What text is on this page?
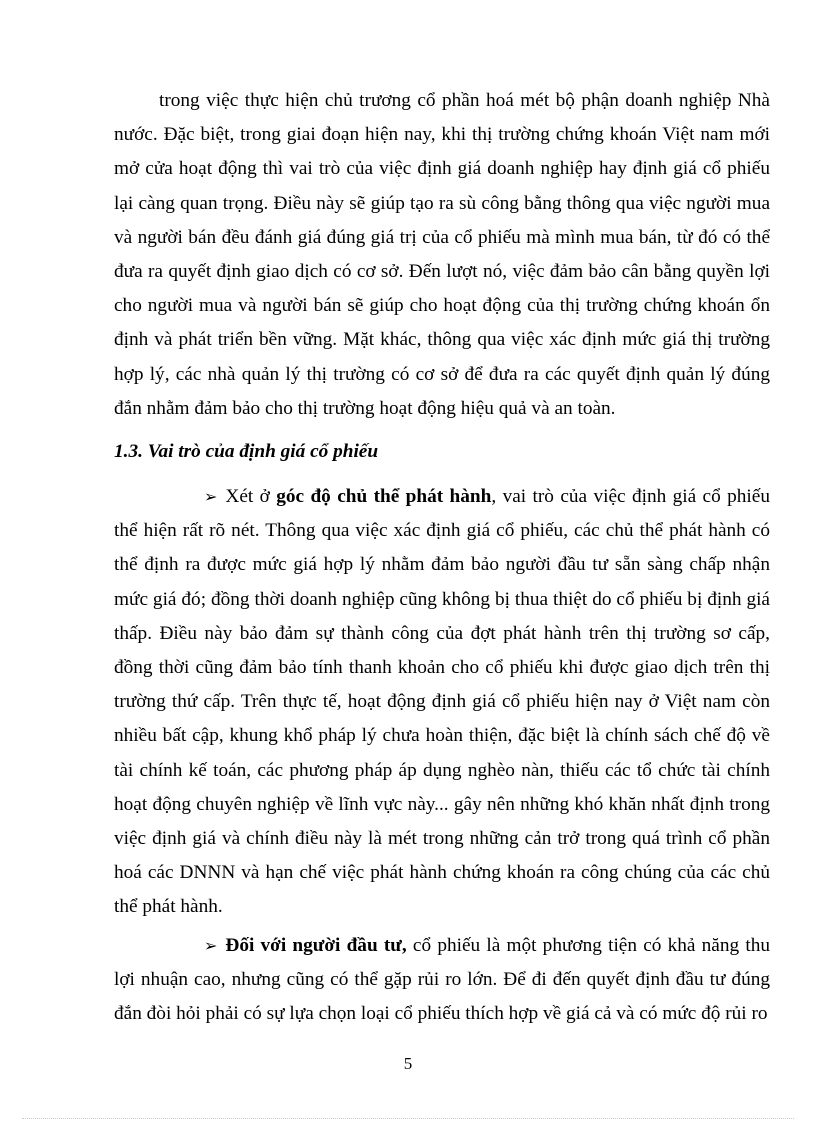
trong việc thực hiện chủ trương cổ phần hoá mét bộ phận doanh nghiệp Nhà nước. Đặc biệt, trong giai đoạn hiện nay, khi thị trường chứng khoán Việt nam mới mở cửa hoạt động thì vai trò của việc định giá doanh nghiệp hay định giá cổ phiếu lại càng quan trọng. Điều này sẽ giúp tạo ra sù công bằng thông qua việc người mua và người bán đều đánh giá đúng giá trị của cổ phiếu mà mình mua bán, từ đó có thể đưa ra quyết định giao dịch có cơ sở. Đến lượt nó, việc đảm bảo cân bằng quyền lợi cho người mua và người bán sẽ giúp cho hoạt động của thị trường chứng khoán ổn định và phát triển bền vững. Mặt khác, thông qua việc xác định mức giá thị trường hợp lý, các nhà quản lý thị trường có cơ sở để đưa ra các quyết định quản lý đúng đắn nhằm đảm bảo cho thị trường hoạt động hiệu quả và an toàn.

1.3. Vai trò của định giá cổ phiếu

➢ Xét ở góc độ chủ thể phát hành, vai trò của việc định giá cổ phiếu thể hiện rất rõ nét. Thông qua việc xác định giá cổ phiếu, các chủ thể phát hành có thể định ra được mức giá hợp lý nhằm đảm bảo người đầu tư sẵn sàng chấp nhận mức giá đó; đồng thời doanh nghiệp cũng không bị thua thiệt do cổ phiếu bị định giá thấp. Điều này bảo đảm sự thành công của đợt phát hành trên thị trường sơ cấp, đồng thời cũng đảm bảo tính thanh khoản cho cổ phiếu khi được giao dịch trên thị trường thứ cấp. Trên thực tế, hoạt động định giá cổ phiếu hiện nay ở Việt nam còn nhiều bất cập, khung khổ pháp lý chưa hoàn thiện, đặc biệt là chính sách chế độ về tài chính kế toán, các phương pháp áp dụng nghèo nàn, thiếu các tổ chức tài chính hoạt động chuyên nghiệp về lĩnh vực này... gây nên những khó khăn nhất định trong việc định giá và chính điều này là mét trong những cản trở trong quá trình cổ phần hoá các DNNN và hạn chế việc phát hành chứng khoán ra công chúng của các chủ thể phát hành.

➢ Đối với người đầu tư, cổ phiếu là một phương tiện có khả năng thu lợi nhuận cao, nhưng cũng có thể gặp rủi ro lớn. Để đi đến quyết định đầu tư đúng đắn đòi hỏi phải có sự lựa chọn loại cổ phiếu thích hợp về giá cả và có mức độ rủi ro

5
